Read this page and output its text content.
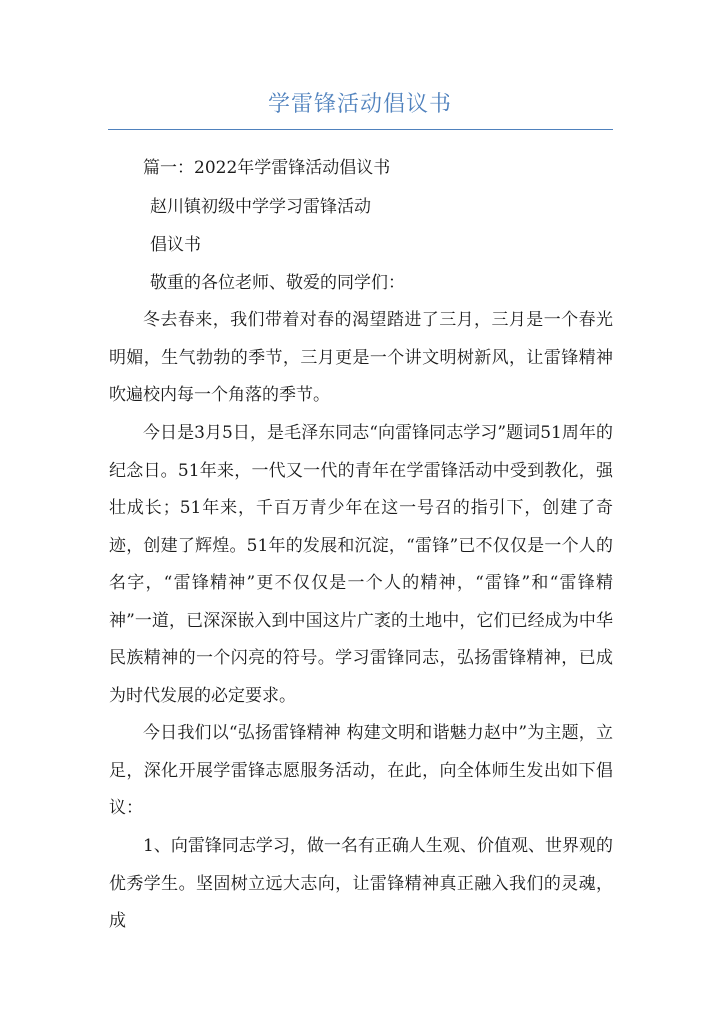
学雷锋活动倡议书
篇一：2022年学雷锋活动倡议书
赵川镇初级中学学习雷锋活动
倡议书
敬重的各位老师、敬爱的同学们：
冬去春来，我们带着对春的渴望踏进了三月，三月是一个春光明媚，生气勃勃的季节，三月更是一个讲文明树新风，让雷锋精神吹遍校内每一个角落的季节。
今日是3月5日，是毛泽东同志“向雷锋同志学习”题词51周年的纪念日。51年来，一代又一代的青年在学雷锋活动中受到教化，强壮成长；51年来，千百万青少年在这一号召的指引下，创建了奇迹，创建了辉煌。51年的发展和沉淀，“雷锋”已不仅仅是一个人的名字，“雷锋精神”更不仅仅是一个人的精神，“雷锋”和“雷锋精神”一道，已深深嵌入到中国这片广袤的土地中，它们已经成为中华民族精神的一个闪亮的符号。学习雷锋同志，弘扬雷锋精神，已成为时代发展的必定要求。
今日我们以“弘扬雷锋精神 构建文明和谐魅力赵中”为主题，立足，深化开展学雷锋志愿服务活动，在此，向全体师生发出如下倡议：
1、向雷锋同志学习，做一名有正确人生观、价值观、世界观的优秀学生。坚固树立远大志向，让雷锋精神真正融入我们的灵魂，成
